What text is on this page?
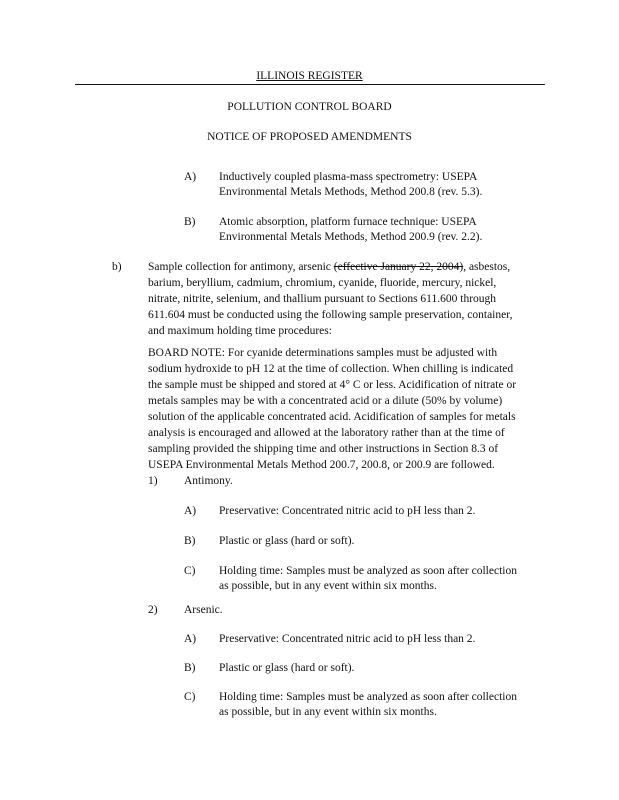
ILLINOIS REGISTER
POLLUTION CONTROL BOARD
NOTICE OF PROPOSED AMENDMENTS
A) Inductively coupled plasma-mass spectrometry: USEPA
Environmental Metals Methods, Method 200.8 (rev. 5.3).
B) Atomic absorption, platform furnace technique: USEPA
Environmental Metals Methods, Method 200.9 (rev. 2.2).
b) Sample collection for antimony, arsenic (effective January 22, 2004), asbestos,
barium, beryllium, cadmium, chromium, cyanide, fluoride, mercury, nickel,
nitrate, nitrite, selenium, and thallium pursuant to Sections 611.600 through
611.604 must be conducted using the following sample preservation, container,
and maximum holding time procedures:
BOARD NOTE: For cyanide determinations samples must be adjusted with
sodium hydroxide to pH 12 at the time of collection. When chilling is indicated
the sample must be shipped and stored at 4° C or less. Acidification of nitrate or
metals samples may be with a concentrated acid or a dilute (50% by volume)
solution of the applicable concentrated acid. Acidification of samples for metals
analysis is encouraged and allowed at the laboratory rather than at the time of
sampling provided the shipping time and other instructions in Section 8.3 of
USEPA Environmental Metals Method 200.7, 200.8, or 200.9 are followed.
1) Antimony.
A) Preservative: Concentrated nitric acid to pH less than 2.
B) Plastic or glass (hard or soft).
C) Holding time: Samples must be analyzed as soon after collection
as possible, but in any event within six months.
2) Arsenic.
A) Preservative: Concentrated nitric acid to pH less than 2.
B) Plastic or glass (hard or soft).
C) Holding time: Samples must be analyzed as soon after collection
as possible, but in any event within six months.
